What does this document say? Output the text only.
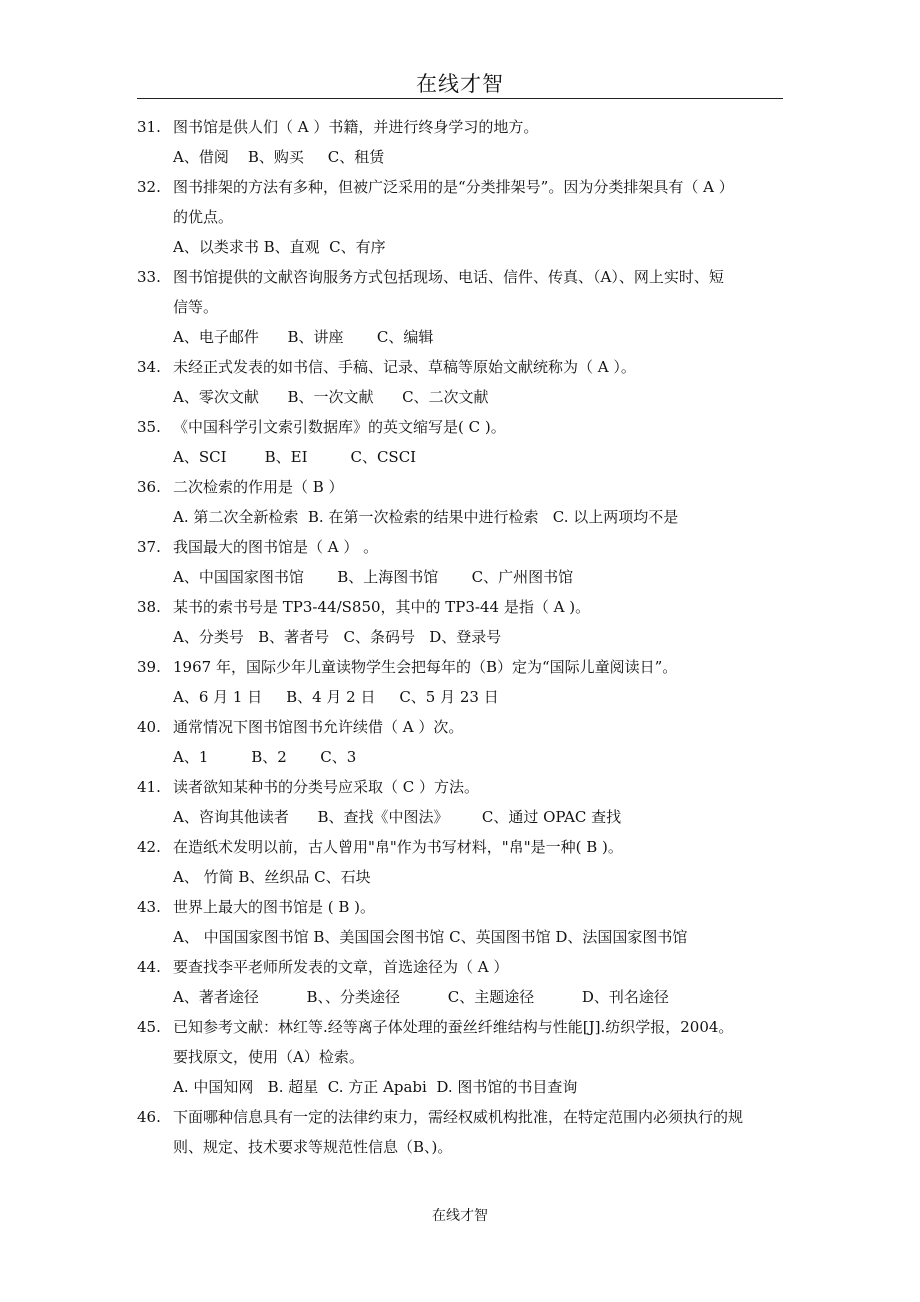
在线才智
31. 图书馆是供人们（ A ）书籍，并进行终身学习的地方。
A、借阅    B、购买     C、租赁
32. 图书排架的方法有多种，但被广泛采用的是“分类排架号”。因为分类排架具有（ A ）
的优点。
A、以类求书 B、直观  C、有序
33. 图书馆提供的文献咨询服务方式包括现场、电话、信件、传真、（A）、网上实时、短
信等。
A、电子邮件      B、讲座       C、编辑
34. 未经正式发表的如书信、手稿、记录、草稿等原始文献统称为（ A ）。
A、零次文献      B、一次文献      C、二次文献
35. 《中国科学引文索引数据库》的英文缩写是( C )。
A、SCI        B、EI         C、CSCI
36. 二次检索的作用是（ B ）
A. 第二次全新检索  B. 在第一次检索的结果中进行检索   C. 以上两项均不是
37. 我国最大的图书馆是（ A ） 。
A、中国国家图书馆       B、上海图书馆       C、广州图书馆
38. 某书的索书号是 TP3-44/S850，其中的 TP3-44 是指（ A )。
A、分类号   B、著者号   C、条码号   D、登录号
39. 1967 年，国际少年儿童读物学生会把每年的（B）定为“国际儿童阅读日”。
A、6 月 1 日     B、4 月 2 日     C、5 月 23 日
40. 通常情况下图书馆图书允许续借（ A ）次。
A、1         B、2       C、3
41. 读者欲知某种书的分类号应采取（ C ）方法。
A、咨询其他读者      B、查找《中图法》       C、通过 OPAC 查找
42. 在造纸术发明以前，古人曾用"帛"作为书写材料，"帛"是一种( B )。
A、 竹简 B、丝织品 C、石块
43. 世界上最大的图书馆是 ( B )。
A、 中国国家图书馆 B、美国国会图书馆 C、英国图书馆 D、法国国家图书馆
44. 要查找李平老师所发表的文章，首选途径为（ A ）
A、著者途径          B、、分类途径          C、主题途径          D、刊名途径
45. 已知参考文献：林红等.经等离子体处理的蚕丝纤维结构与性能[J].纺织学报，2004。
要找原文，使用（A）检索。
A. 中国知网   B. 超星  C. 方正 Apabi  D. 图书馆的书目查询
46. 下面哪种信息具有一定的法律约束力，需经权威机构批准，在特定范围内必须执行的规
则、规定、技术要求等规范性信息（B、)。
在线才智
